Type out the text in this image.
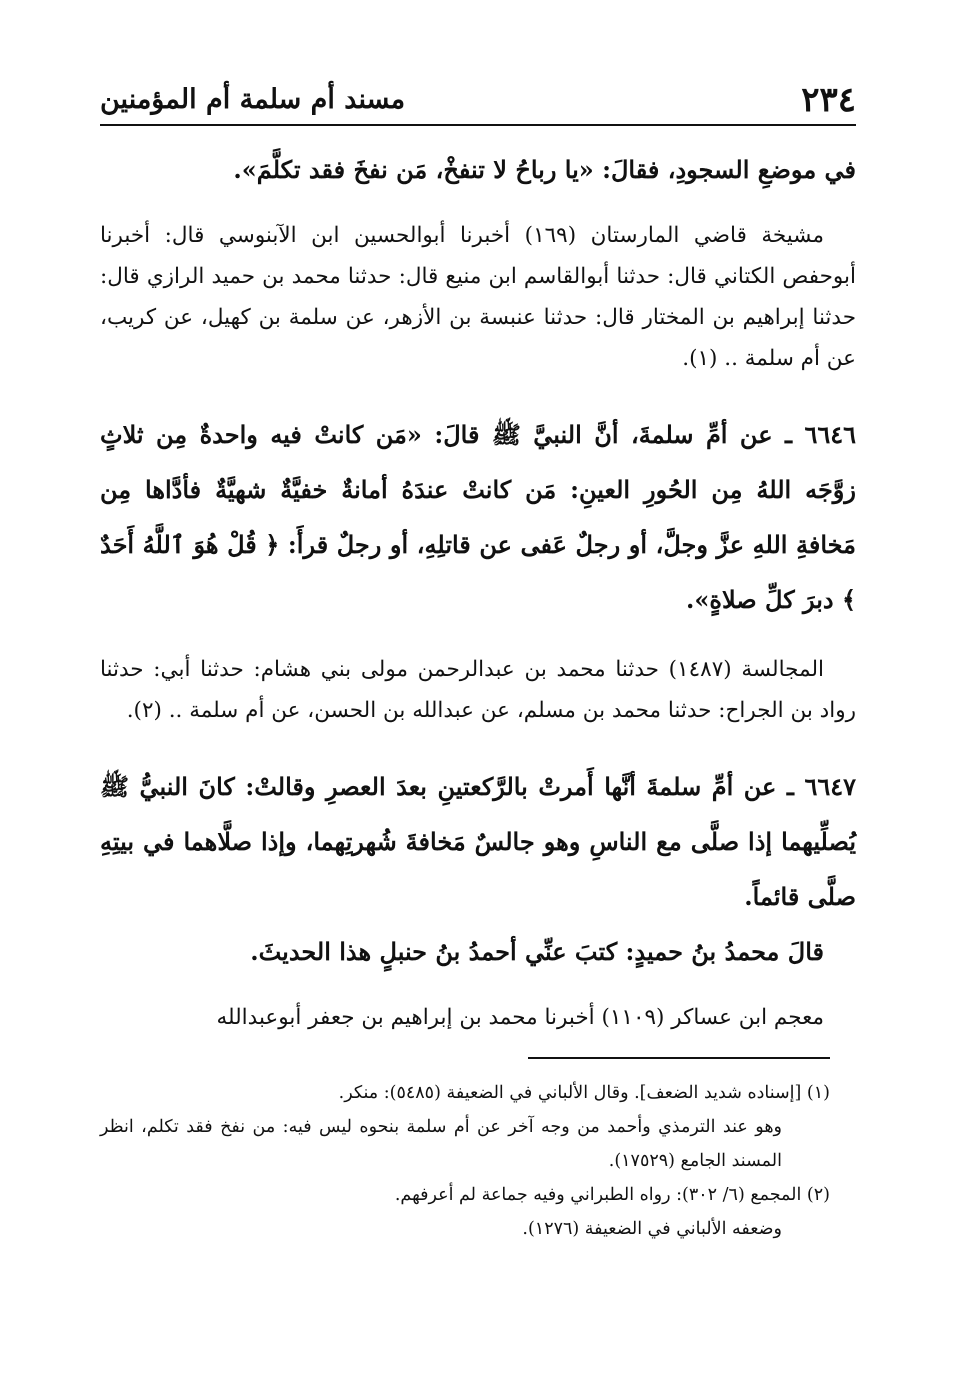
٢٣٤
مسند أم سلمة أم المؤمنين

في موضعِ السجودِ، فقالَ: «يا رباحُ لا تنفخْ، مَن نفخَ فقد تكلَّمَ».

مشيخة قاضي المارستان (١٦٩) أخبرنا أبوالحسين ابن الآبنوسي قال: أخبرنا أبوحفص الكتاني قال: حدثنا أبوالقاسم ابن منيع قال: حدثنا محمد بن حميد الرازي قال: حدثنا إبراهيم بن المختار قال: حدثنا عنبسة بن الأزهر، عن سلمة بن كهيل، عن كريب، عن أم سلمة .. (١).

٦٦٤٦ ـ عن أمِّ سلمةَ، أنَّ النبيَّ ﷺ قالَ: «مَن كانتْ فيه واحدةٌ مِن ثلاثٍ زوَّجَه اللهُ مِن الحُورِ العينِ: مَن كانتْ عندَهُ أمانةٌ خفيَّةٌ شهيَّةٌ فأدَّاها مِن مَخافةِ اللهِ عزَّ وجلَّ، أو رجلٌ عَفى عن قاتلِهِ، أو رجلٌ قرأَ: ﴿ قُلْ هُوَ ٱللَّهُ أَحَدٌ ﴾ دبرَ كلِّ صلاةٍ».

المجالسة (١٤٨٧) حدثنا محمد بن عبدالرحمن مولى بني هشام: حدثنا أبي: حدثنا رواد بن الجراح: حدثنا محمد بن مسلم، عن عبدالله بن الحسن، عن أم سلمة .. (٢).

٦٦٤٧ ـ عن أمِّ سلمةَ أنَّها أَمرتْ بالرَّكعتينِ بعدَ العصرِ وقالتْ: كانَ النبيُّ ﷺ يُصلِّيهما إذا صلَّى مع الناسِ وهو جالسٌ مَخافةَ شُهرتِهما، وإذا صلَّاهما في بيتِهِ صلَّى قائماً.

قالَ محمدُ بنُ حميدٍ: كتبَ عنِّي أحمدُ بنُ حنبلٍ هذا الحديثَ.

معجم ابن عساكر (١١٠٩) أخبرنا محمد بن إبراهيم بن جعفر أبوعبدالله

(١) [إسناده شديد الضعف]. وقال الألباني في الضعيفة (٥٤٨٥): منكر.

وهو عند الترمذي وأحمد من وجه آخر عن أم سلمة بنحوه ليس فيه: من نفخ فقد تكلم، انظر المسند الجامع (١٧٥٢٩).

(٢) المجمع (٦/ ٣٠٢): رواه الطبراني وفيه جماعة لم أعرفهم.

وضعفه الألباني في الضعيفة (١٢٧٦).
